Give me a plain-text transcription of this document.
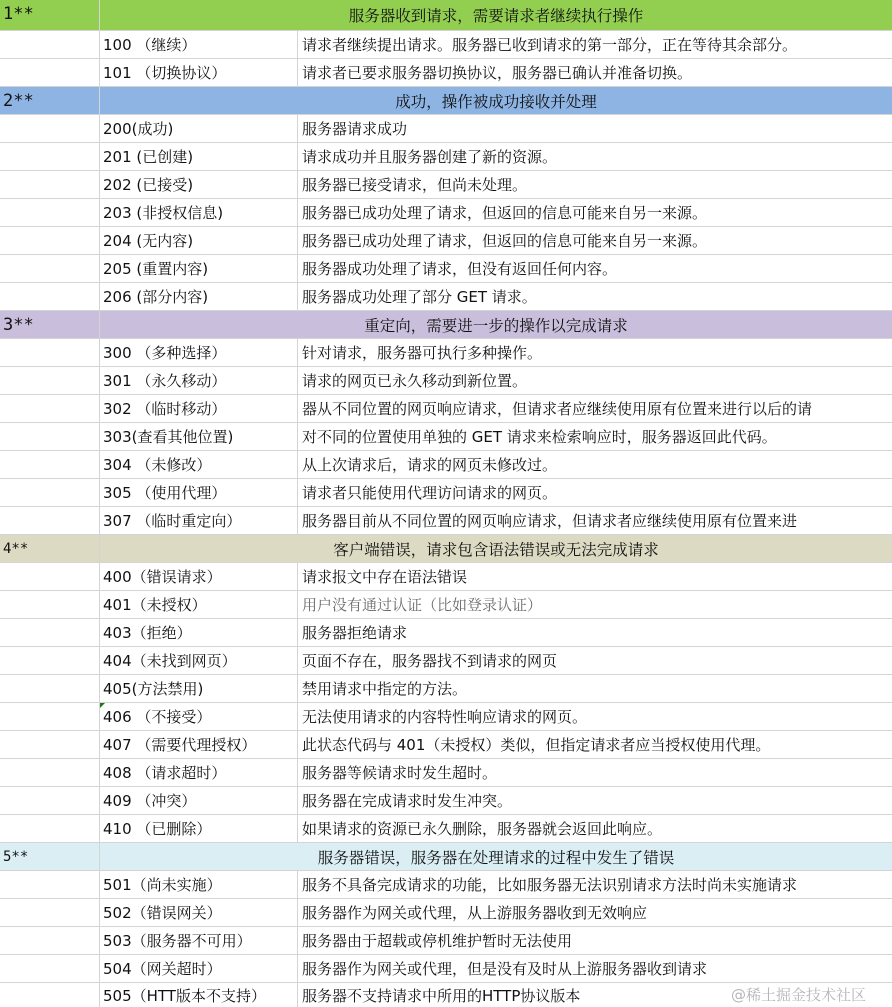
1**	服务器收到请求，需要请求者继续执行操作
100 （继续）	请求者继续提出请求。服务器已收到请求的第一部分，正在等待其余部分。
101 （切换协议）	请求者已要求服务器切换协议，服务器已确认并准备切换。
2**	成功，操作被成功接收并处理
200(成功)	服务器请求成功
201 (已创建)	请求成功并且服务器创建了新的资源。
202 (已接受)	服务器已接受请求，但尚未处理。
203 (非授权信息)	服务器已成功处理了请求，但返回的信息可能来自另一来源。
204 (无内容)	服务器已成功处理了请求，但返回的信息可能来自另一来源。
205 (重置内容)	服务器成功处理了请求，但没有返回任何内容。
206 (部分内容)	服务器成功处理了部分 GET 请求。
3**	重定向，需要进一步的操作以完成请求
300 （多种选择）	针对请求，服务器可执行多种操作。
301 （永久移动）	请求的网页已永久移动到新位置。
302 （临时移动）	器从不同位置的网页响应请求，但请求者应继续使用原有位置来进行以后的请
303(查看其他位置)	对不同的位置使用单独的 GET 请求来检索响应时，服务器返回此代码。
304 （未修改）	从上次请求后，请求的网页未修改过。
305 （使用代理）	请求者只能使用代理访问请求的网页。
307 （临时重定向）	服务器目前从不同位置的网页响应请求，但请求者应继续使用原有位置来进
4**	客户端错误，请求包含语法错误或无法完成请求
400（错误请求）	请求报文中存在语法错误
401（未授权）	用户没有通过认证（比如登录认证）
403（拒绝）	服务器拒绝请求
404（未找到网页）	页面不存在，服务器找不到请求的网页
405(方法禁用)	禁用请求中指定的方法。
406 （不接受）	无法使用请求的内容特性响应请求的网页。
407 （需要代理授权）	此状态代码与 401（未授权）类似，但指定请求者应当授权使用代理。
408 （请求超时）	服务器等候请求时发生超时。
409 （冲突）	服务器在完成请求时发生冲突。
410 （已删除）	如果请求的资源已永久删除，服务器就会返回此响应。
5**	服务器错误，服务器在处理请求的过程中发生了错误
501（尚未实施）	服务不具备完成请求的功能，比如服务器无法识别请求方法时尚未实施请求
502（错误网关）	服务器作为网关或代理，从上游服务器收到无效响应
503（服务器不可用）	服务器由于超载或停机维护暂时无法使用
504（网关超时）	服务器作为网关或代理，但是没有及时从上游服务器收到请求
505（HTT版本不支持）	服务器不支持请求中所用的HTTP协议版本	@稀土掘金技术社区
